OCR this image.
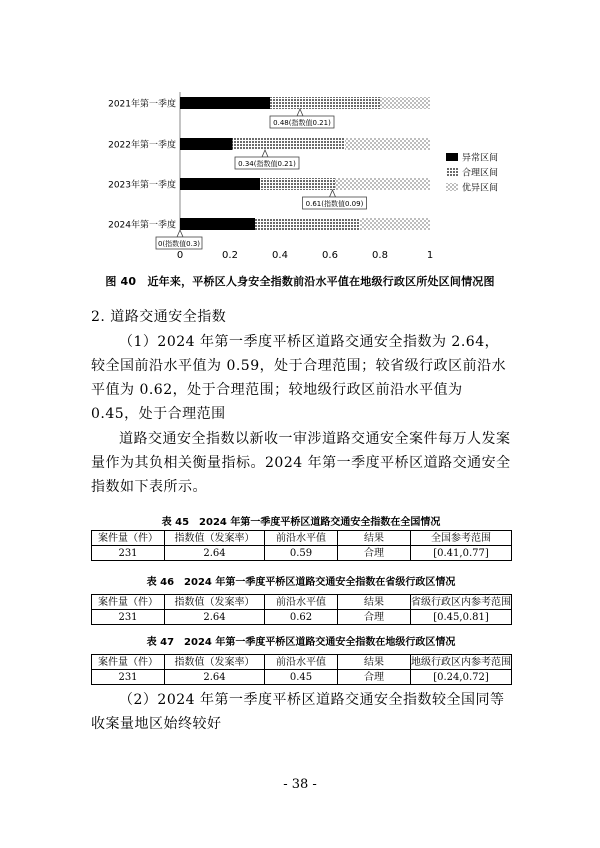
2021年第一季度
2022年第一季度
2023年第一季度
2024年第一季度
0.48(指数值0.21)
0.34(指数值0.21)
0.61(指数值0.09)
0(指数值0.3)
0	0.2	0.4	0.6	0.8	1
异常区间
合理区间
优异区间
图 40　近年来，平桥区人身安全指数前沿水平值在地级行政区所处区间情况图
2. 道路交通安全指数

（1）2024 年第一季度平桥区道路交通安全指数为 2.64，较全国前沿水平值为 0.59，处于合理范围；较省级行政区前沿水平值为 0.62，处于合理范围；较地级行政区前沿水平值为 0.45，处于合理范围

道路交通安全指数以新收一审涉道路交通安全案件每万人发案量作为其负相关衡量指标。2024 年第一季度平桥区道路交通安全指数如下表所示。

表 45　2024 年第一季度平桥区道路交通安全指数在全国情况
案件量（件）	指数值（发案率）	前沿水平值	结果	全国参考范围
231	2.64	0.59	合理	[0.41,0.77]
表 46　2024 年第一季度平桥区道路交通安全指数在省级行政区情况
案件量（件）	指数值（发案率）	前沿水平值	结果	省级行政区内参考范围
231	2.64	0.62	合理	[0.45,0.81]
表 47　2024 年第一季度平桥区道路交通安全指数在地级行政区情况
案件量（件）	指数值（发案率）	前沿水平值	结果	地级行政区内参考范围
231	2.64	0.45	合理	[0.24,0.72]

（2）2024 年第一季度平桥区道路交通安全指数较全国同等收案量地区始终较好

- 38 -
